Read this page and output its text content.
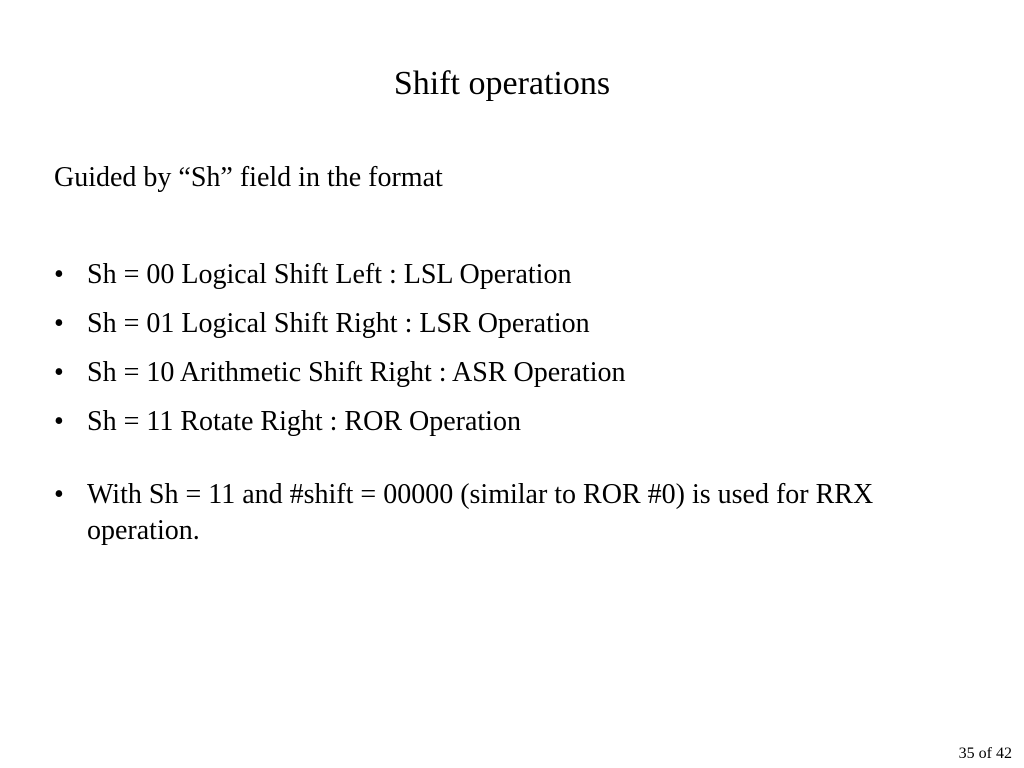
Shift operations
Guided by “Sh” field in the format
• Sh = 00 Logical Shift Left : LSL Operation
• Sh = 01 Logical Shift Right : LSR Operation
• Sh = 10 Arithmetic Shift Right : ASR Operation
• Sh = 11 Rotate Right : ROR Operation
• With Sh = 11 and #shift = 00000 (similar to ROR #0) is used for RRX operation.
35 of 42
